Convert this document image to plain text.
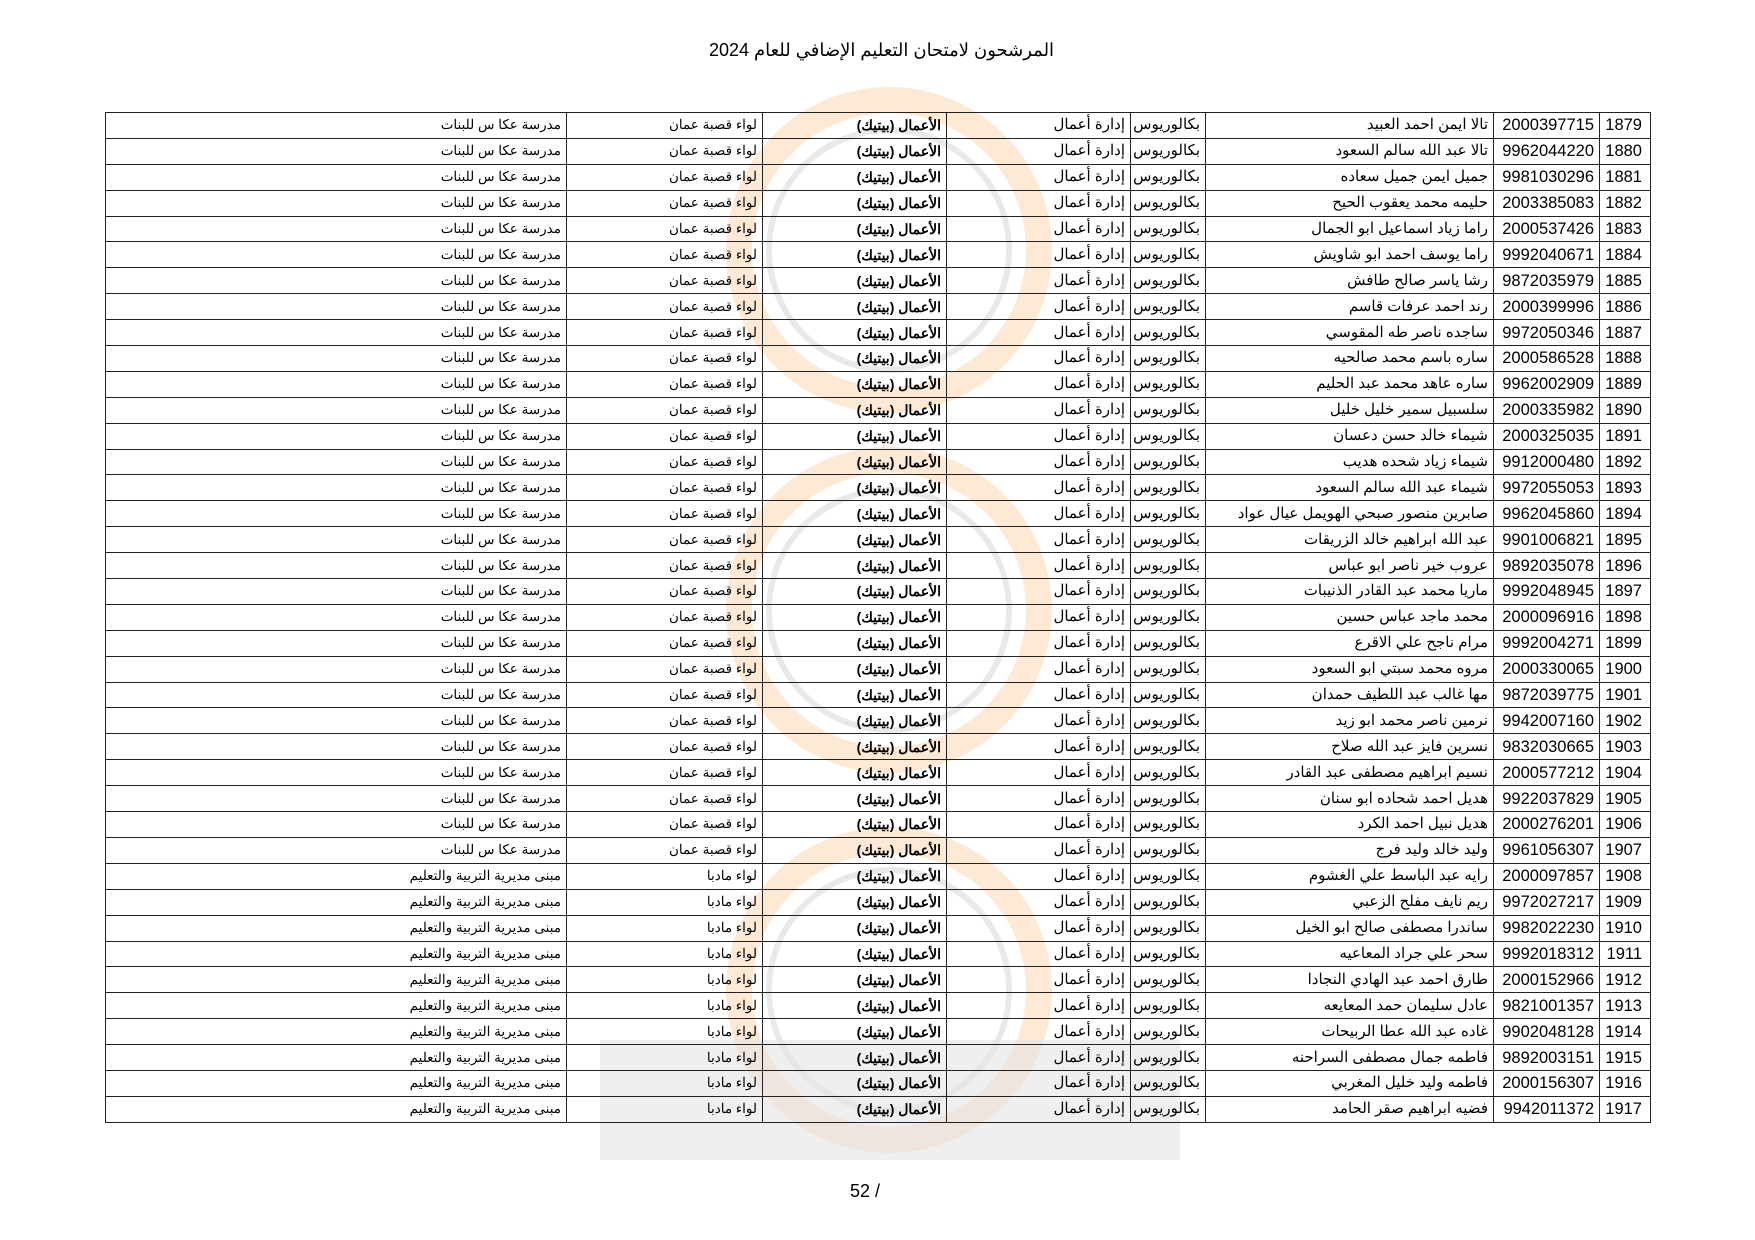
المرشحون لامتحان التعليم الإضافي للعام 2024
1879	2000397715	تالا ايمن احمد العبيد	بكالوريوس	إدارة أعمال	الأعمال (بيتيك)	لواء قصبة عمان	مدرسة عكا س للبنات
1880	9962044220	تالا عبد الله سالم السعود	بكالوريوس	إدارة أعمال	الأعمال (بيتيك)	لواء قصبة عمان	مدرسة عكا س للبنات
1881	9981030296	جميل ايمن جميل سعاده	بكالوريوس	إدارة أعمال	الأعمال (بيتيك)	لواء قصبة عمان	مدرسة عكا س للبنات
1882	2003385083	حليمه محمد يعقوب الحيح	بكالوريوس	إدارة أعمال	الأعمال (بيتيك)	لواء قصبة عمان	مدرسة عكا س للبنات
1883	2000537426	راما زياد اسماعيل ابو الجمال	بكالوريوس	إدارة أعمال	الأعمال (بيتيك)	لواء قصبة عمان	مدرسة عكا س للبنات
1884	9992040671	راما يوسف احمد ابو شاويش	بكالوريوس	إدارة أعمال	الأعمال (بيتيك)	لواء قصبة عمان	مدرسة عكا س للبنات
1885	9872035979	رشا ياسر صالح طافش	بكالوريوس	إدارة أعمال	الأعمال (بيتيك)	لواء قصبة عمان	مدرسة عكا س للبنات
1886	2000399996	رند احمد عرفات قاسم	بكالوريوس	إدارة أعمال	الأعمال (بيتيك)	لواء قصبة عمان	مدرسة عكا س للبنات
1887	9972050346	ساجده ناصر طه المقوسي	بكالوريوس	إدارة أعمال	الأعمال (بيتيك)	لواء قصبة عمان	مدرسة عكا س للبنات
1888	2000586528	ساره باسم محمد صالحيه	بكالوريوس	إدارة أعمال	الأعمال (بيتيك)	لواء قصبة عمان	مدرسة عكا س للبنات
1889	9962002909	ساره عاهد محمد عبد الحليم	بكالوريوس	إدارة أعمال	الأعمال (بيتيك)	لواء قصبة عمان	مدرسة عكا س للبنات
1890	2000335982	سلسبيل سمير خليل خليل	بكالوريوس	إدارة أعمال	الأعمال (بيتيك)	لواء قصبة عمان	مدرسة عكا س للبنات
1891	2000325035	شيماء خالد حسن دعسان	بكالوريوس	إدارة أعمال	الأعمال (بيتيك)	لواء قصبة عمان	مدرسة عكا س للبنات
1892	9912000480	شيماء زياد شحده هديب	بكالوريوس	إدارة أعمال	الأعمال (بيتيك)	لواء قصبة عمان	مدرسة عكا س للبنات
1893	9972055053	شيماء عبد الله سالم السعود	بكالوريوس	إدارة أعمال	الأعمال (بيتيك)	لواء قصبة عمان	مدرسة عكا س للبنات
1894	9962045860	صابرين منصور صبحي الهويمل عيال عواد	بكالوريوس	إدارة أعمال	الأعمال (بيتيك)	لواء قصبة عمان	مدرسة عكا س للبنات
1895	9901006821	عبد الله ابراهيم خالد الزريقات	بكالوريوس	إدارة أعمال	الأعمال (بيتيك)	لواء قصبة عمان	مدرسة عكا س للبنات
1896	9892035078	عروب خير ناصر ابو عباس	بكالوريوس	إدارة أعمال	الأعمال (بيتيك)	لواء قصبة عمان	مدرسة عكا س للبنات
1897	9992048945	ماريا محمد عبد القادر الذنيبات	بكالوريوس	إدارة أعمال	الأعمال (بيتيك)	لواء قصبة عمان	مدرسة عكا س للبنات
1898	2000096916	محمد ماجد عباس حسين	بكالوريوس	إدارة أعمال	الأعمال (بيتيك)	لواء قصبة عمان	مدرسة عكا س للبنات
1899	9992004271	مرام ناجح علي الاقرع	بكالوريوس	إدارة أعمال	الأعمال (بيتيك)	لواء قصبة عمان	مدرسة عكا س للبنات
1900	2000330065	مروه محمد سبتي ابو السعود	بكالوريوس	إدارة أعمال	الأعمال (بيتيك)	لواء قصبة عمان	مدرسة عكا س للبنات
1901	9872039775	مها غالب عبد اللطيف حمدان	بكالوريوس	إدارة أعمال	الأعمال (بيتيك)	لواء قصبة عمان	مدرسة عكا س للبنات
1902	9942007160	نرمين ناصر محمد ابو زيد	بكالوريوس	إدارة أعمال	الأعمال (بيتيك)	لواء قصبة عمان	مدرسة عكا س للبنات
1903	9832030665	نسرين فايز عبد الله صلاح	بكالوريوس	إدارة أعمال	الأعمال (بيتيك)	لواء قصبة عمان	مدرسة عكا س للبنات
1904	2000577212	نسيم ابراهيم مصطفى عبد القادر	بكالوريوس	إدارة أعمال	الأعمال (بيتيك)	لواء قصبة عمان	مدرسة عكا س للبنات
1905	9922037829	هديل احمد شحاده ابو سنان	بكالوريوس	إدارة أعمال	الأعمال (بيتيك)	لواء قصبة عمان	مدرسة عكا س للبنات
1906	2000276201	هديل نبيل احمد الكرد	بكالوريوس	إدارة أعمال	الأعمال (بيتيك)	لواء قصبة عمان	مدرسة عكا س للبنات
1907	9961056307	وليد خالد وليد فرج	بكالوريوس	إدارة أعمال	الأعمال (بيتيك)	لواء قصبة عمان	مدرسة عكا س للبنات
1908	2000097857	رايه عبد الباسط علي الغشوم	بكالوريوس	إدارة أعمال	الأعمال (بيتيك)	لواء مادبا	مبنى مديرية التربية والتعليم
1909	9972027217	ريم نايف مفلح الزعبي	بكالوريوس	إدارة أعمال	الأعمال (بيتيك)	لواء مادبا	مبنى مديرية التربية والتعليم
1910	9982022230	ساندرا مصطفى صالح ابو الخيل	بكالوريوس	إدارة أعمال	الأعمال (بيتيك)	لواء مادبا	مبنى مديرية التربية والتعليم
1911	9992018312	سحر علي جراد المعاعيه	بكالوريوس	إدارة أعمال	الأعمال (بيتيك)	لواء مادبا	مبنى مديرية التربية والتعليم
1912	2000152966	طارق احمد عبد الهادي النجادا	بكالوريوس	إدارة أعمال	الأعمال (بيتيك)	لواء مادبا	مبنى مديرية التربية والتعليم
1913	9821001357	عادل سليمان حمد المعايعه	بكالوريوس	إدارة أعمال	الأعمال (بيتيك)	لواء مادبا	مبنى مديرية التربية والتعليم
1914	9902048128	غاده عبد الله عطا الربيحات	بكالوريوس	إدارة أعمال	الأعمال (بيتيك)	لواء مادبا	مبنى مديرية التربية والتعليم
1915	9892003151	فاطمه جمال مصطفى السراحنه	بكالوريوس	إدارة أعمال	الأعمال (بيتيك)	لواء مادبا	مبنى مديرية التربية والتعليم
1916	2000156307	فاطمه وليد خليل المغربي	بكالوريوس	إدارة أعمال	الأعمال (بيتيك)	لواء مادبا	مبنى مديرية التربية والتعليم
1917	9942011372	فضيه ابراهيم صقر الحامد	بكالوريوس	إدارة أعمال	الأعمال (بيتيك)	لواء مادبا	مبنى مديرية التربية والتعليم
52 /
